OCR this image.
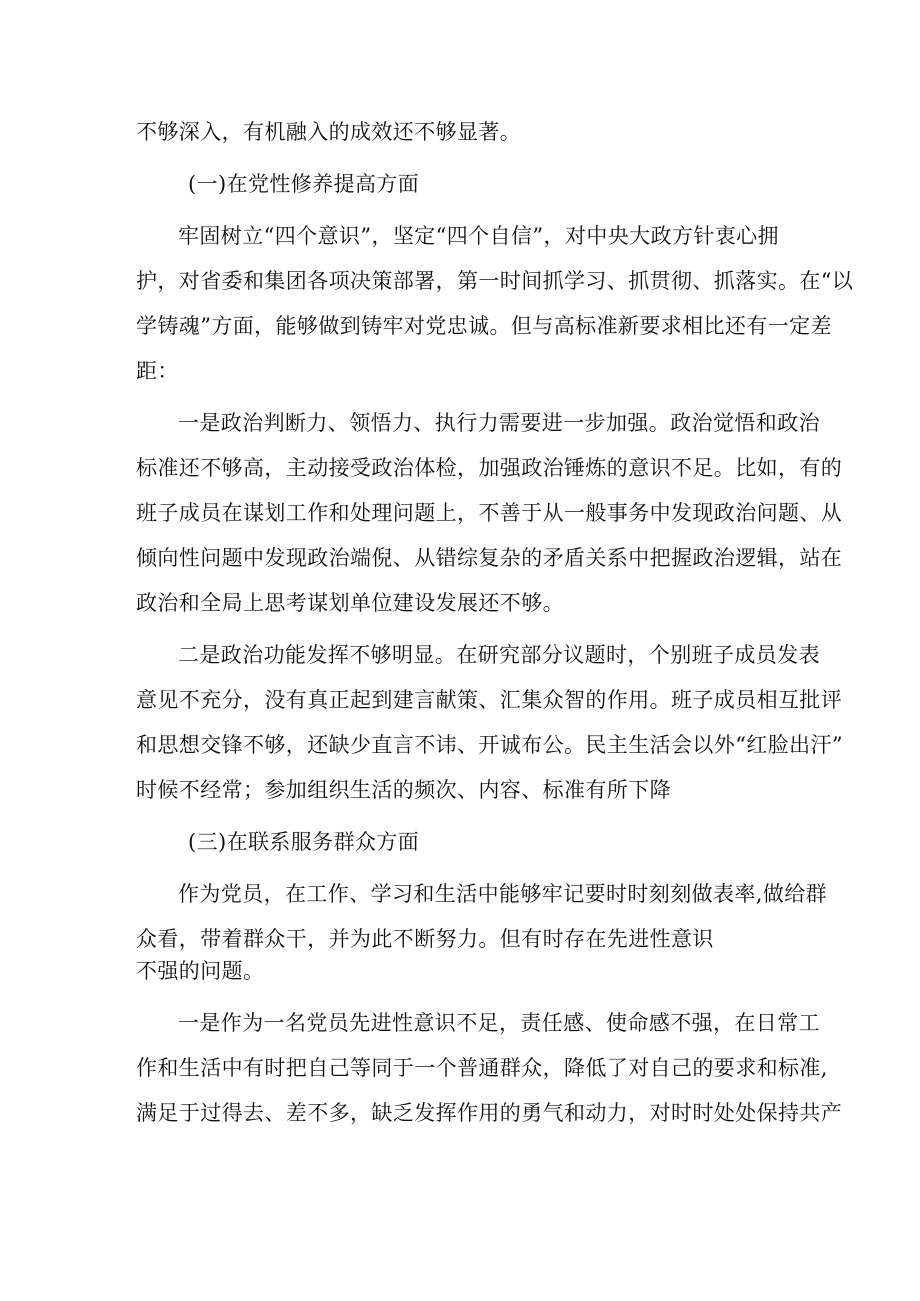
不够深入，有机融入的成效还不够显著。
(一)在党性修养提高方面
牢固树立“四个意识”，坚定“四个自信”，对中央大政方针衷心拥
护，对省委和集团各项决策部署，第一时间抓学习、抓贯彻、抓落实。在“以
学铸魂”方面，能够做到铸牢对党忠诚。但与高标准新要求相比还有一定差
距：
一是政治判断力、领悟力、执行力需要进一步加强。政治觉悟和政治
标准还不够高，主动接受政治体检，加强政治锤炼的意识不足。比如，有的
班子成员在谋划工作和处理问题上，不善于从一般事务中发现政治问题、从
倾向性问题中发现政治端倪、从错综复杂的矛盾关系中把握政治逻辑，站在
政治和全局上思考谋划单位建设发展还不够。
二是政治功能发挥不够明显。在研究部分议题时，个别班子成员发表
意见不充分，没有真正起到建言献策、汇集众智的作用。班子成员相互批评
和思想交锋不够，还缺少直言不讳、开诚布公。民主生活会以外“红脸出汗”
时候不经常；参加组织生活的频次、内容、标准有所下降
(三)在联系服务群众方面
作为党员，在工作、学习和生活中能够牢记要时时刻刻做表率,做给群
众看，带着群众干，并为此不断努力。但有时存在先进性意识
不强的问题。
一是作为一名党员先进性意识不足，责任感、使命感不强，在日常工
作和生活中有时把自己等同于一个普通群众，降低了对自己的要求和标准,
满足于过得去、差不多，缺乏发挥作用的勇气和动力，对时时处处保持共产
